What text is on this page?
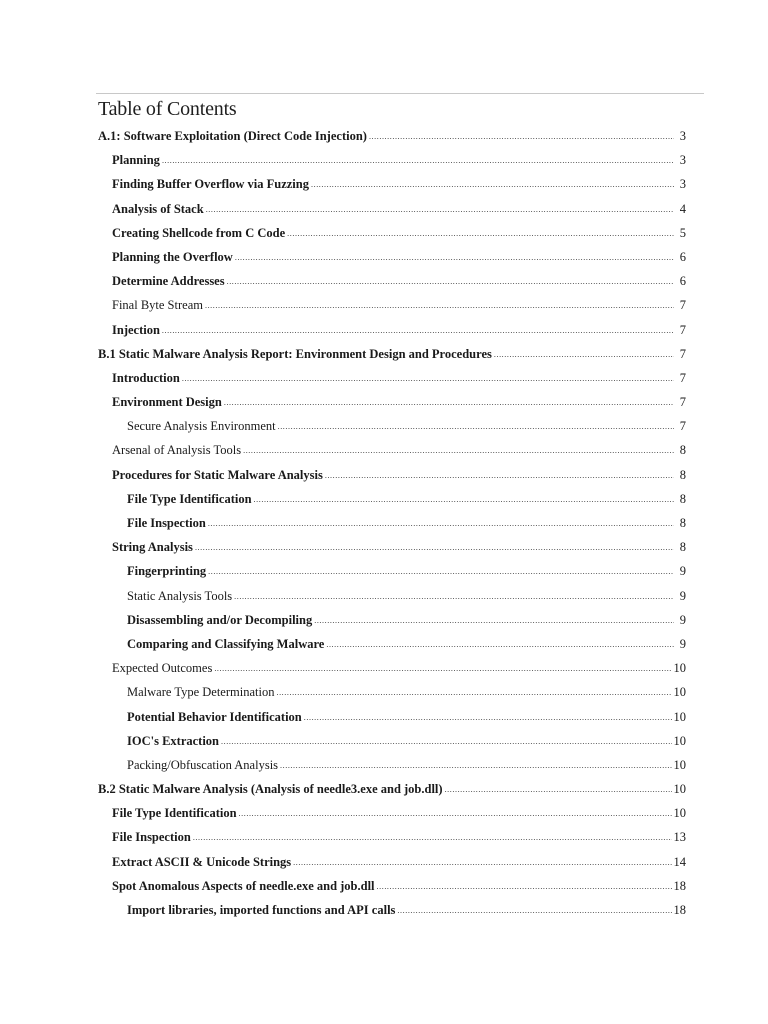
Table of Contents
A.1: Software Exploitation (Direct Code Injection) .....	3
Planning .....	3
Finding Buffer Overflow via Fuzzing .....	3
Analysis of Stack .....	4
Creating Shellcode from C Code .....	5
Planning the Overflow .....	6
Determine Addresses .....	6
Final Byte Stream .....	7
Injection .....	7
B.1 Static Malware Analysis Report: Environment Design and Procedures .....	7
Introduction .....	7
Environment Design .....	7
Secure Analysis Environment .....	7
Arsenal of Analysis Tools .....	8
Procedures for Static Malware Analysis .....	8
File Type Identification .....	8
File Inspection .....	8
String Analysis .....	8
Fingerprinting .....	9
Static Analysis Tools .....	9
Disassembling and/or Decompiling .....	9
Comparing and Classifying Malware .....	9
Expected Outcomes .....	10
Malware Type Determination .....	10
Potential Behavior Identification .....	10
IOC's Extraction .....	10
Packing/Obfuscation Analysis .....	10
B.2 Static Malware Analysis (Analysis of needle3.exe and job.dll) .....	10
File Type Identification .....	10
File Inspection .....	13
Extract ASCII & Unicode Strings .....	14
Spot Anomalous Aspects of needle.exe and job.dll .....	18
Import libraries, imported functions and API calls .....	18
